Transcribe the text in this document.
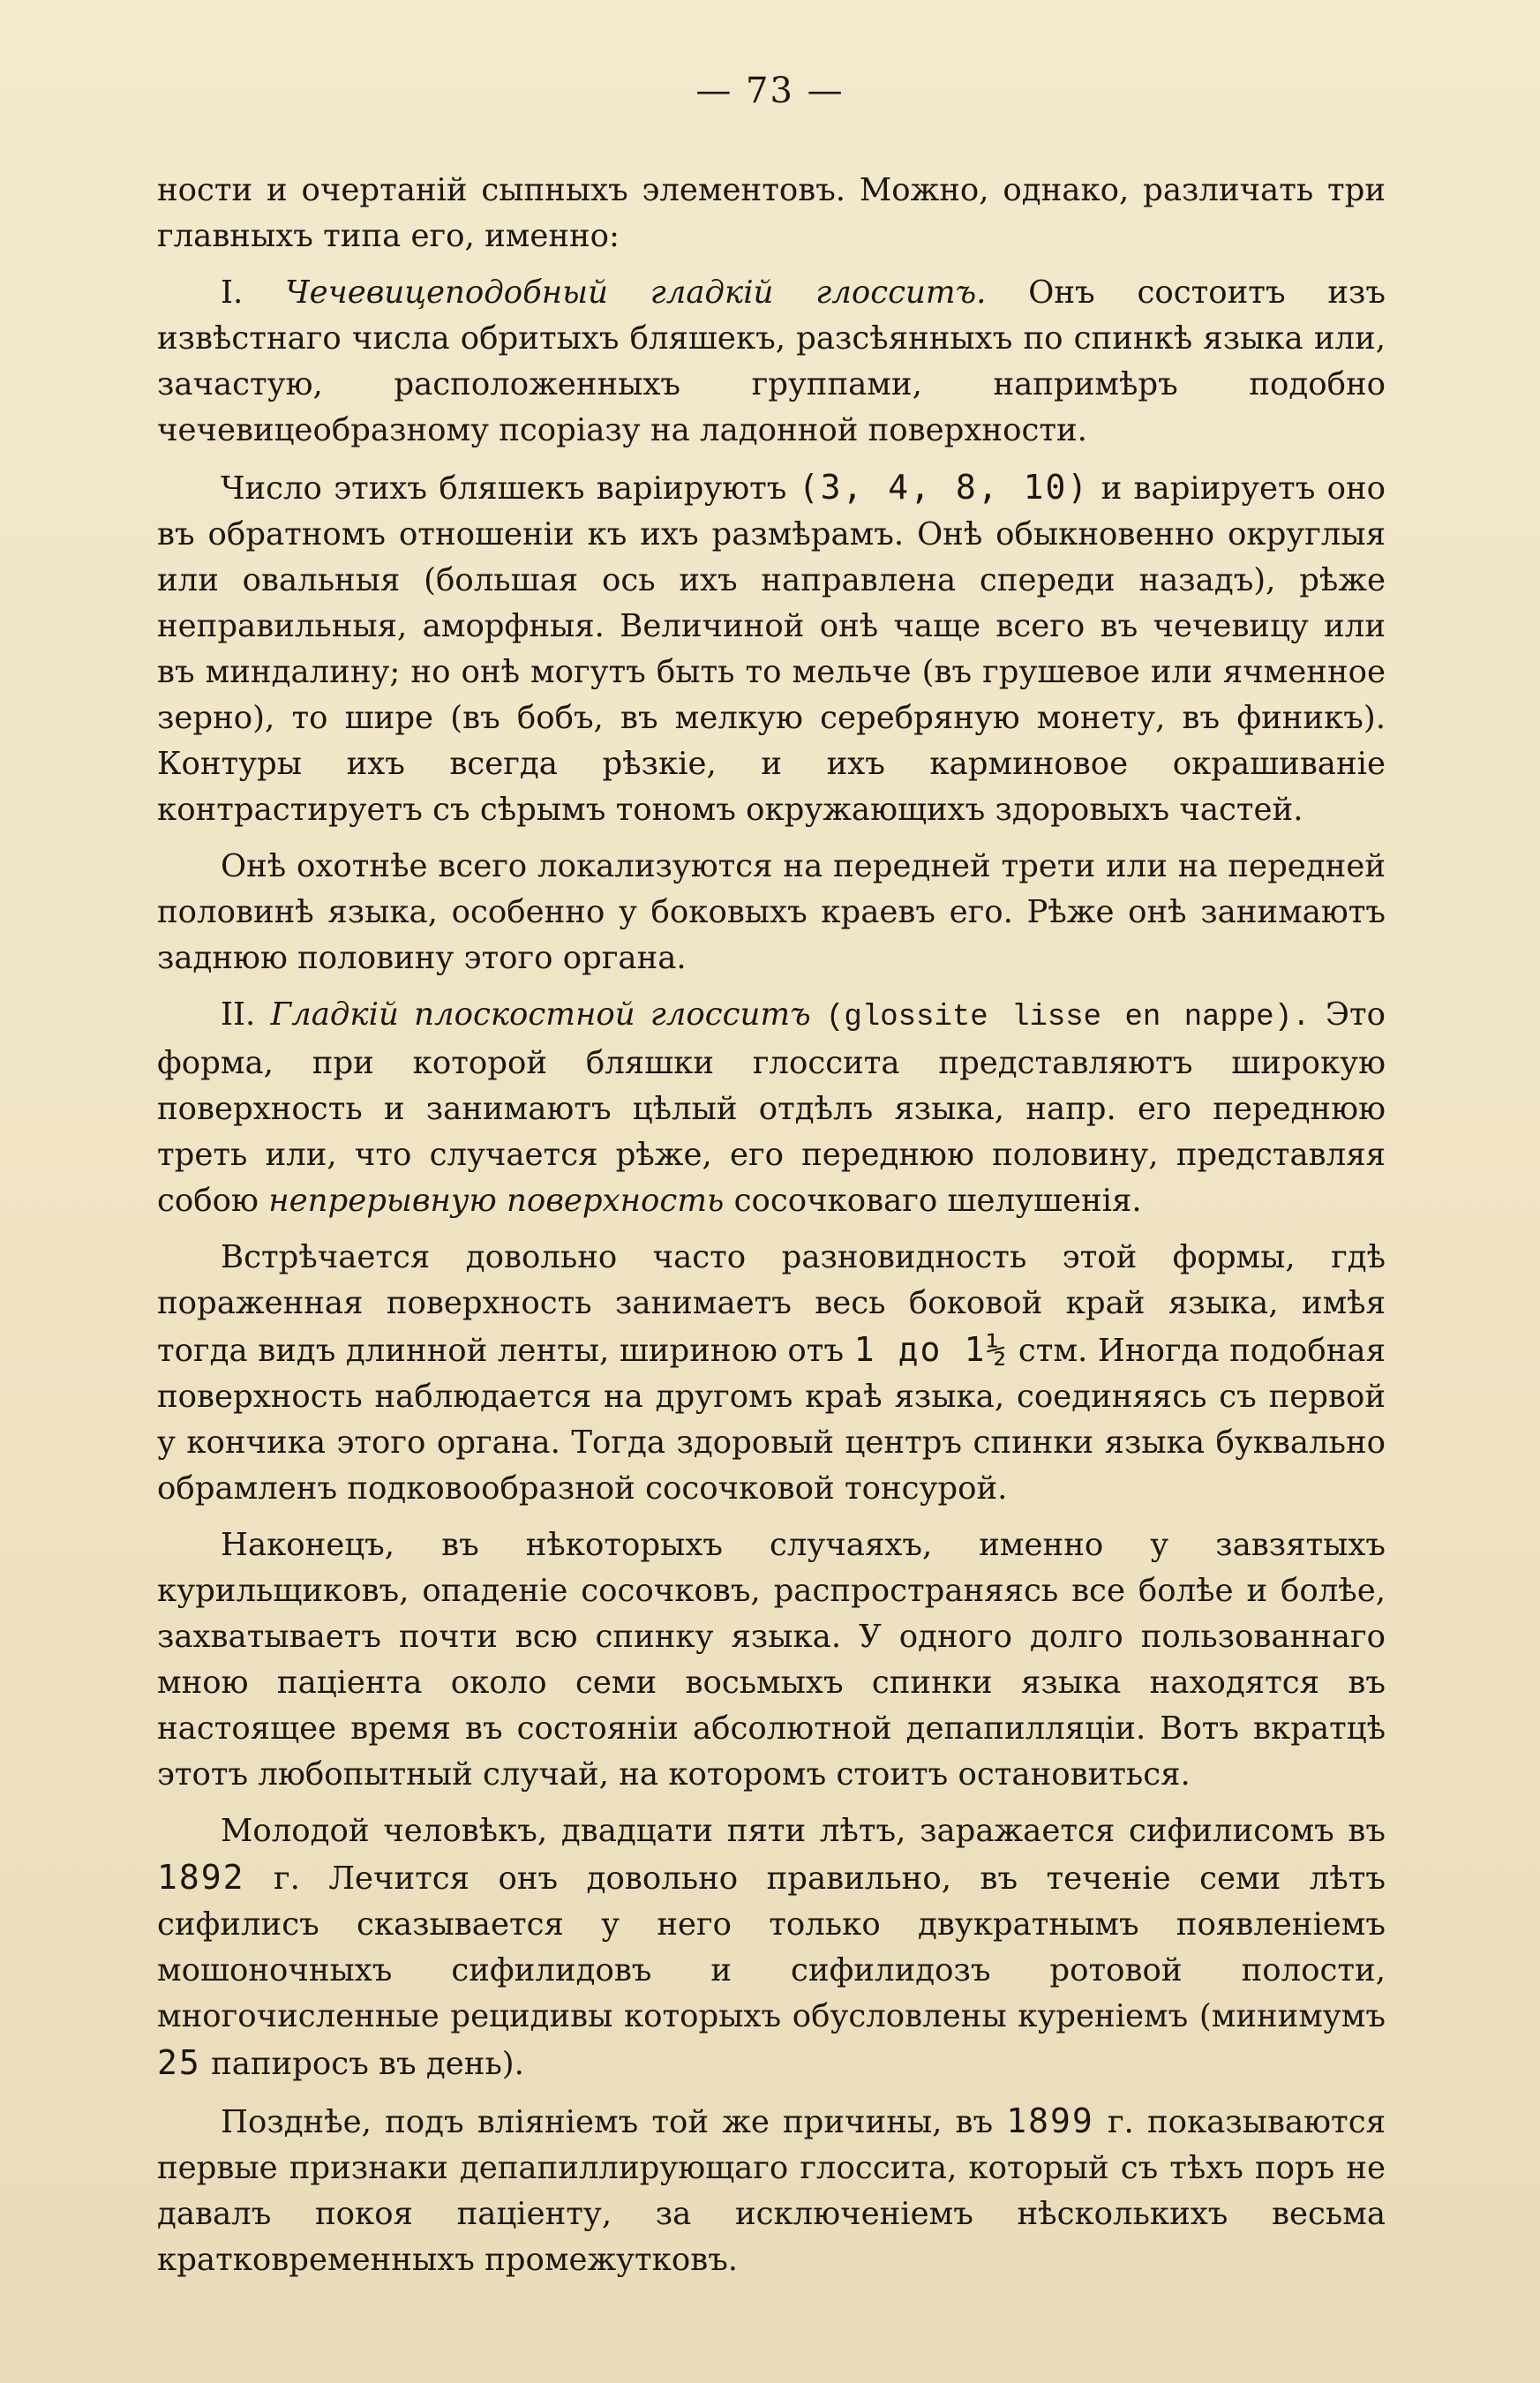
— 73 —

ности и очертанiй сыпныхъ элементовъ. Можно, однако, различать три главныхъ типа его, именно:

I. Чечевицеподобный гладкiй глосситъ. Онъ состоитъ изъ извѣстнаго числа обритыхъ бляшекъ, разсѣянныхъ по спинкѣ языка или, зачастую, расположенныхъ группами, напримѣръ подобно чечевицеобразному псорiазу на ладонной поверхности.

Число этихъ бляшекъ варiируютъ (3, 4, 8, 10) и варiируетъ оно въ обратномъ отношенiи къ ихъ размѣрамъ. Онѣ обыкновенно округлыя или овальныя (большая ось ихъ направлена спереди назадъ), рѣже неправильныя, аморфныя. Величиной онѣ чаще всего въ чечевицу или въ миндалину; но онѣ могутъ быть то мельче (въ грушевое или ячменное зерно), то шире (въ бобъ, въ мелкую серебряную монету, въ финикъ). Контуры ихъ всегда рѣзкiе, и ихъ карминовое окрашиванiе контрастируетъ съ сѣрымъ тономъ окружающихъ здоровыхъ частей.

Онѣ охотнѣе всего локализуются на передней трети или на передней половинѣ языка, особенно у боковыхъ краевъ его. Рѣже онѣ занимаютъ заднюю половину этого органа.

II. Гладкiй плоскостной глосситъ (glossite lisse en nappe). Это форма, при которой бляшки глоссита представляютъ широкую поверхность и занимаютъ цѣлый отдѣлъ языка, напр. его переднюю треть или, что случается рѣже, его переднюю половину, представляя собою непрерывную поверхность сосочковаго шелушенiя.

Встрѣчается довольно часто разновидность этой формы, гдѣ пораженная поверхность занимаетъ весь боковой край языка, имѣя тогда видъ длинной ленты, шириною отъ 1 до 1½ стм. Иногда подобная поверхность наблюдается на другомъ краѣ языка, соединяясь съ первой у кончика этого органа. Тогда здоровый центръ спинки языка буквально обрамленъ подковообразной сосочковой тонсурой.

Наконецъ, въ нѣкоторыхъ случаяхъ, именно у завзятыхъ курильщиковъ, опаденiе сосочковъ, распространяясь все болѣе и болѣе, захватываетъ почти всю спинку языка. У одного долго пользованнаго мною пацiента около семи восьмыхъ спинки языка находятся въ настоящее время въ состоянiи абсолютной депапилляцiи. Вотъ вкратцѣ этотъ любопытный случай, на которомъ стоитъ остановиться.

Молодой человѣкъ, двадцати пяти лѣтъ, заражается сифилисомъ въ 1892 г. Лечится онъ довольно правильно, въ теченiе семи лѣтъ сифилисъ сказывается у него только двукратнымъ появленiемъ мошоночныхъ сифилидовъ и сифилидозъ ротовой полости, многочисленные рецидивы которыхъ обусловлены куренiемъ (минимумъ 25 папиросъ въ день).

Позднѣе, подъ влiянiемъ той же причины, въ 1899 г. показываются первые признаки депапиллирующаго глоссита, который съ тѣхъ поръ не давалъ покоя пацiенту, за исключенiемъ нѣсколькихъ весьма кратковременныхъ промежутковъ.
